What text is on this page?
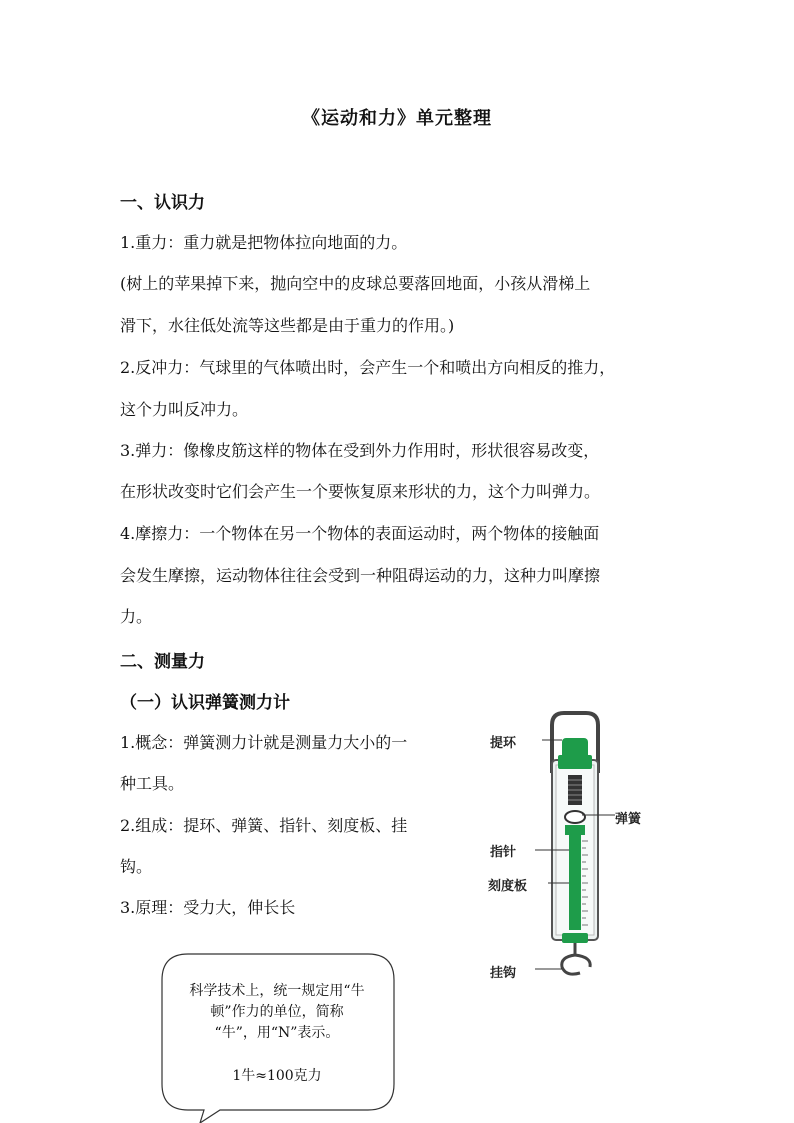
《运动和力》单元整理
一、认识力
1.重力：重力就是把物体拉向地面的力。
(树上的苹果掉下来，抛向空中的皮球总要落回地面，小孩从滑梯上
滑下，水往低处流等这些都是由于重力的作用。)
2.反冲力：气球里的气体喷出时，会产生一个和喷出方向相反的推力，
这个力叫反冲力。
3.弹力：像橡皮筋这样的物体在受到外力作用时，形状很容易改变，
在形状改变时它们会产生一个要恢复原来形状的力，这个力叫弹力。
4.摩擦力：一个物体在另一个物体的表面运动时，两个物体的接触面
会发生摩擦，运动物体往往会受到一种阻碍运动的力，这种力叫摩擦
力。
二、测量力
（一）认识弹簧测力计
1.概念：弹簧测力计就是测量力大小的一
种工具。
2.组成：提环、弹簧、指针、刻度板、挂
钩。
3.原理：受力大，伸长长
提环
弹簧
指针
刻度板
挂钩
科学技术上，统一规定用“牛
顿”作力的单位，简称
“牛”，用“N”表示。
1牛≈100克力
